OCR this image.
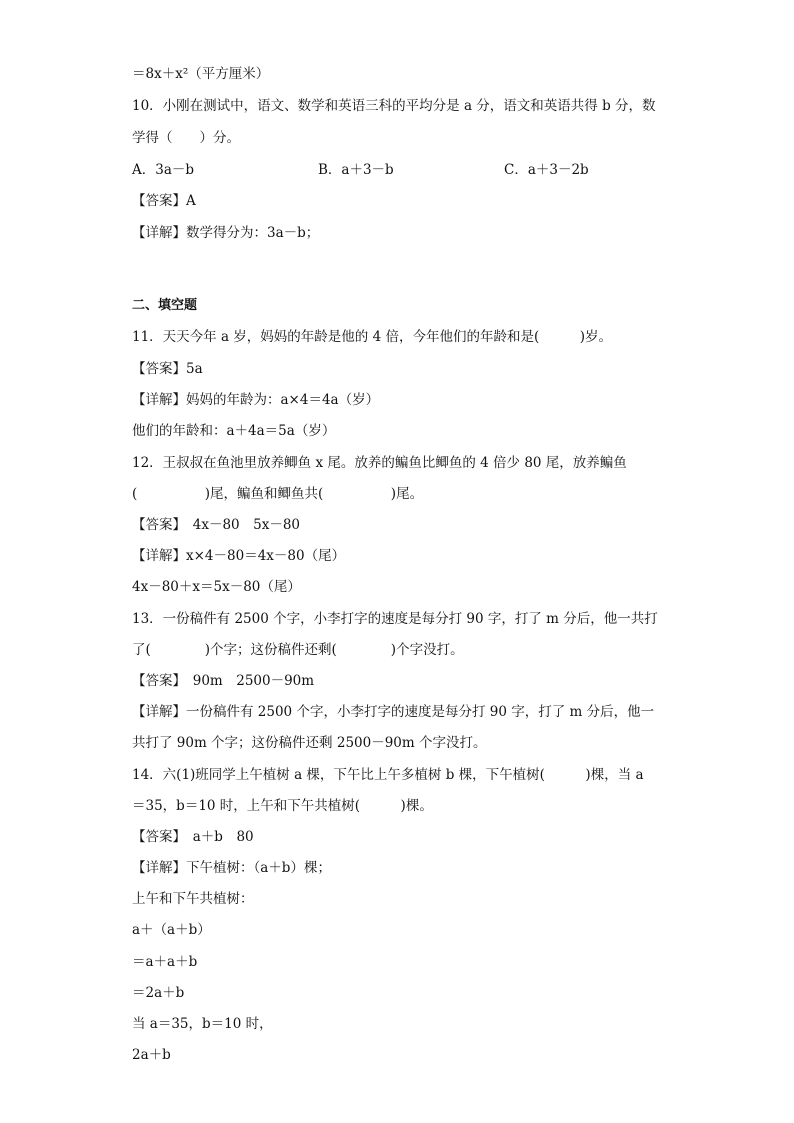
＝8x＋x²（平方厘米）
10．小刚在测试中，语文、数学和英语三科的平均分是 a 分，语文和英语共得 b 分，数
学得（　　）分。
A．3a－b	B．a＋3－b	C．a＋3－2b
【答案】A
【详解】数学得分为：3a－b；
二、填空题
11．天天今年 a 岁，妈妈的年龄是他的 4 倍，今年他们的年龄和是(　　　)岁。
【答案】5a
【详解】妈妈的年龄为：a×4＝4a（岁）
他们的年龄和：a＋4a＝5a（岁）
12．王叔叔在鱼池里放养鲫鱼 x 尾。放养的鳊鱼比鲫鱼的 4 倍少 80 尾，放养鳊鱼
(　　　　　)尾，鳊鱼和鲫鱼共(　　　　　)尾。
【答案】　4x－80　5x－80
【详解】x×4－80＝4x－80（尾）
4x－80＋x＝5x－80（尾）
13．一份稿件有 2500 个字，小李打字的速度是每分打 90 字，打了 m 分后，他一共打
了(　　　　)个字；这份稿件还剩(　　　　)个字没打。
【答案】　90m　2500－90m
【详解】一份稿件有 2500 个字，小李打字的速度是每分打 90 字，打了 m 分后，他一
共打了 90m 个字；这份稿件还剩 2500－90m 个字没打。
14．六(1)班同学上午植树 a 棵，下午比上午多植树 b 棵，下午植树(　　　)棵，当 a
＝35，b＝10 时，上午和下午共植树(　　　)棵。
【答案】　a＋b　80
【详解】下午植树：（a＋b）棵；
上午和下午共植树：
a＋（a＋b）
＝a＋a＋b
＝2a＋b
当 a＝35，b＝10 时，
2a＋b
